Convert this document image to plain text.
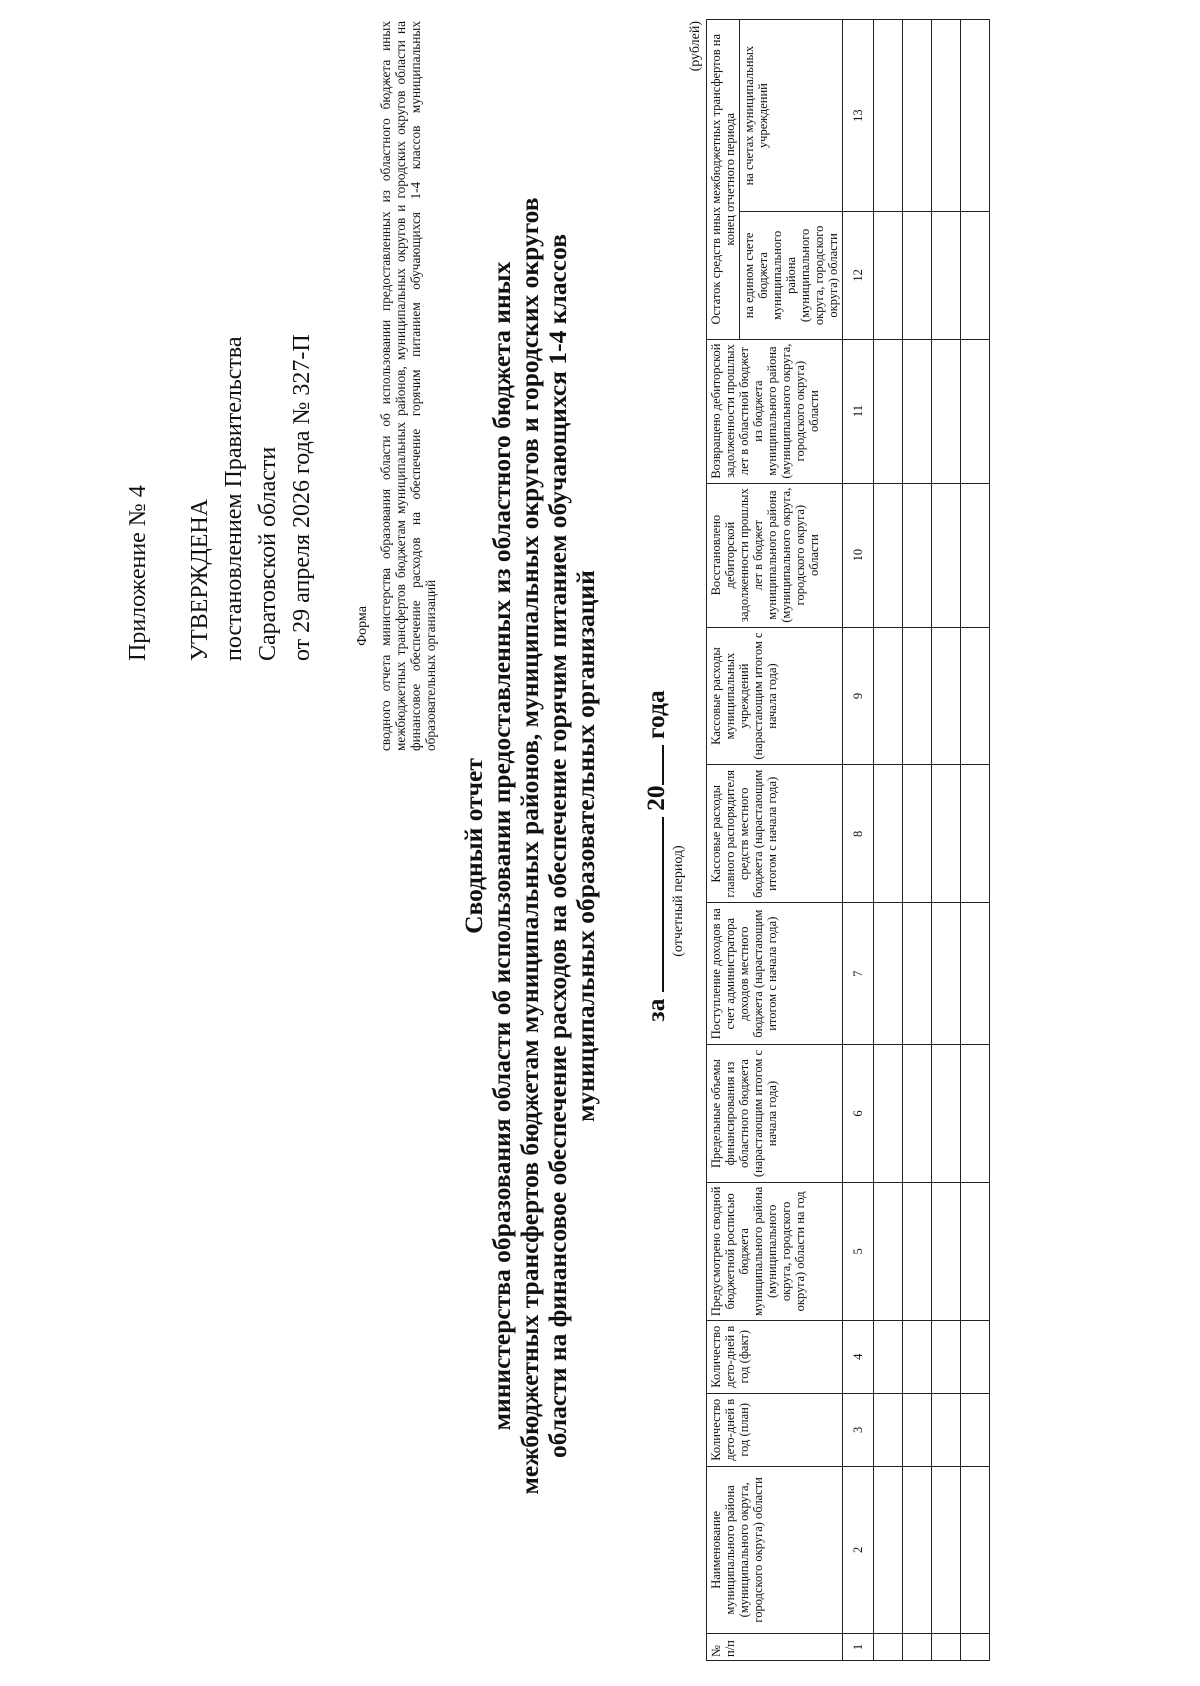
Приложение № 4 УТВЕРЖДЕНА постановлением Правительства Саратовской области от 29 апреля 2026 года № 327-П	Форма сводного отчета министерства образования области об использовании предоставленных из областного бюджета иных межбюджетных трансфертов бюджетам муниципальных районов, муниципальных округов и городских округов области на финансовое обеспечение расходов на обеспечение горячим питанием обучающихся 1-4 классов муниципальных образовательных организаций
Сводный отчет министерства образования области об использовании предоставленных из областного бюджета иных межбюджетных трансфертов бюджетам муниципальных районов, муниципальных округов и городских округов области на финансовое обеспечение расходов на обеспечение горячим питанием обучающихся 1-4 классов муниципальных образовательных организаций за  20 года
(отчетный период)
(рублей)
№ п/п	Наименование муниципального района (муниципального округа, городского округа) области	Количество дето-дней в год (план)	Количество дето-дней в год (факт)	Предусмотрено сводной бюджетной росписью бюджета муниципального района (муниципального округа, городского округа) области на год	Предельные объемы финансирования из областного бюджета (нарастающим итогом с начала года)	Поступление доходов на счет администратора доходов местного бюджета (нарастающим итогом с начала года)	Кассовые расходы главного распорядителя средств местного бюджета (нарастающим итогом с начала года)	Кассовые расходы муниципальных учреждений (нарастающим итогом с начала года)	Восстановлено дебиторской задолженности прошлых лет в бюджет муниципального района (муниципального округа, городского округа) области	Возвращено дебиторской задолженности прошлых лет в областной бюджет из бюджета муниципального района (муниципального округа, городского округа) области	Остаток средств иных межбюджетных трансфертов на конец отчетного периода	
											на едином счете бюджета муниципального района (муниципального округа, городского округа) области	на счетах муниципальных учреждений
1	2	3	4	5	6	7	8	9	10	11	12	13
